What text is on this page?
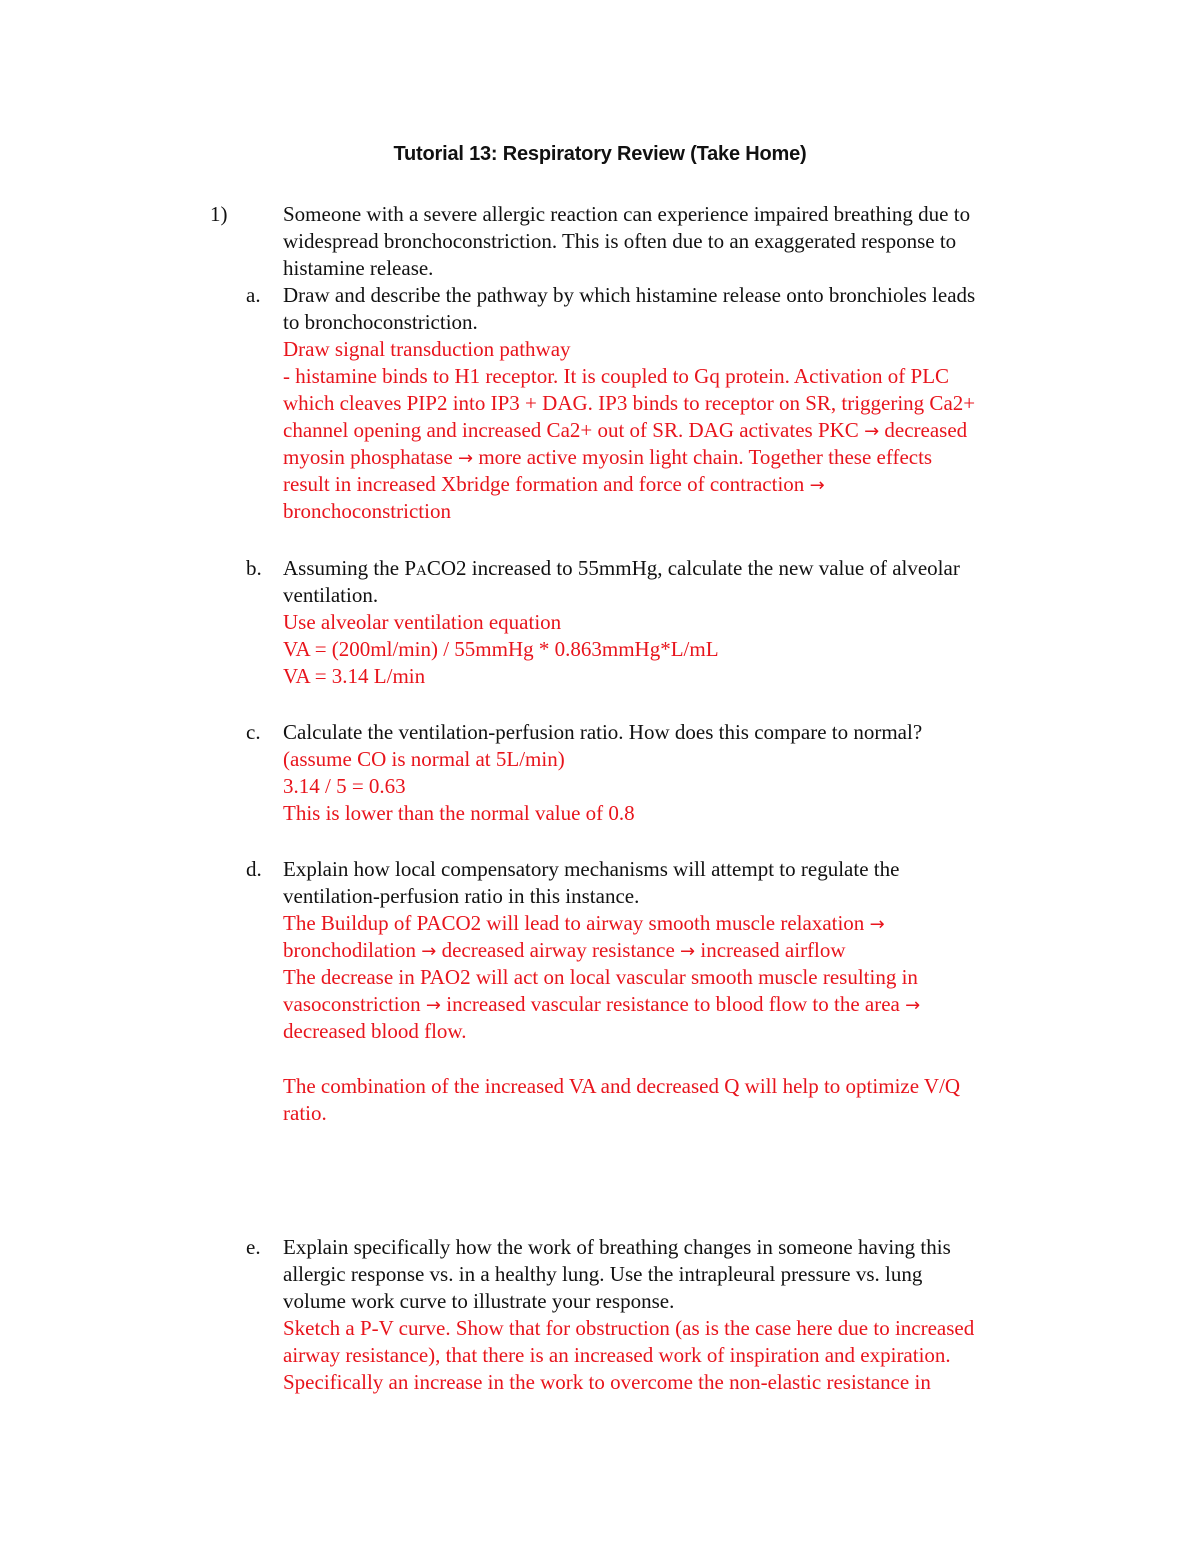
Tutorial 13: Respiratory Review (Take Home)
1)	Someone with a severe allergic reaction can experience impaired breathing due to
widespread bronchoconstriction. This is often due to an exaggerated response to
histamine release.
a. Draw and describe the pathway by which histamine release onto bronchioles leads
to bronchoconstriction.
Draw signal transduction pathway
- histamine binds to H1 receptor. It is coupled to Gq protein. Activation of PLC
which cleaves PIP2 into IP3 + DAG. IP3 binds to receptor on SR, triggering Ca2+
channel opening and increased Ca2+ out of SR. DAG activates PKC → decreased
myosin phosphatase → more active myosin light chain. Together these effects
result in increased Xbridge formation and force of contraction →
bronchoconstriction
b. Assuming the PACO2 increased to 55mmHg, calculate the new value of alveolar
ventilation.
Use alveolar ventilation equation
VA = (200ml/min) / 55mmHg * 0.863mmHg*L/mL
VA = 3.14 L/min
c. Calculate the ventilation-perfusion ratio. How does this compare to normal?
(assume CO is normal at 5L/min)
3.14 / 5 = 0.63
This is lower than the normal value of 0.8
d. Explain how local compensatory mechanisms will attempt to regulate the
ventilation-perfusion ratio in this instance.
The Buildup of PACO2 will lead to airway smooth muscle relaxation →
bronchodilation → decreased airway resistance → increased airflow
The decrease in PAO2 will act on local vascular smooth muscle resulting in
vasoconstriction → increased vascular resistance to blood flow to the area →
decreased blood flow.
The combination of the increased VA and decreased Q will help to optimize V/Q
ratio.
e. Explain specifically how the work of breathing changes in someone having this
allergic response vs. in a healthy lung. Use the intrapleural pressure vs. lung
volume work curve to illustrate your response.
Sketch a P-V curve. Show that for obstruction (as is the case here due to increased
airway resistance), that there is an increased work of inspiration and expiration.
Specifically an increase in the work to overcome the non-elastic resistance in
